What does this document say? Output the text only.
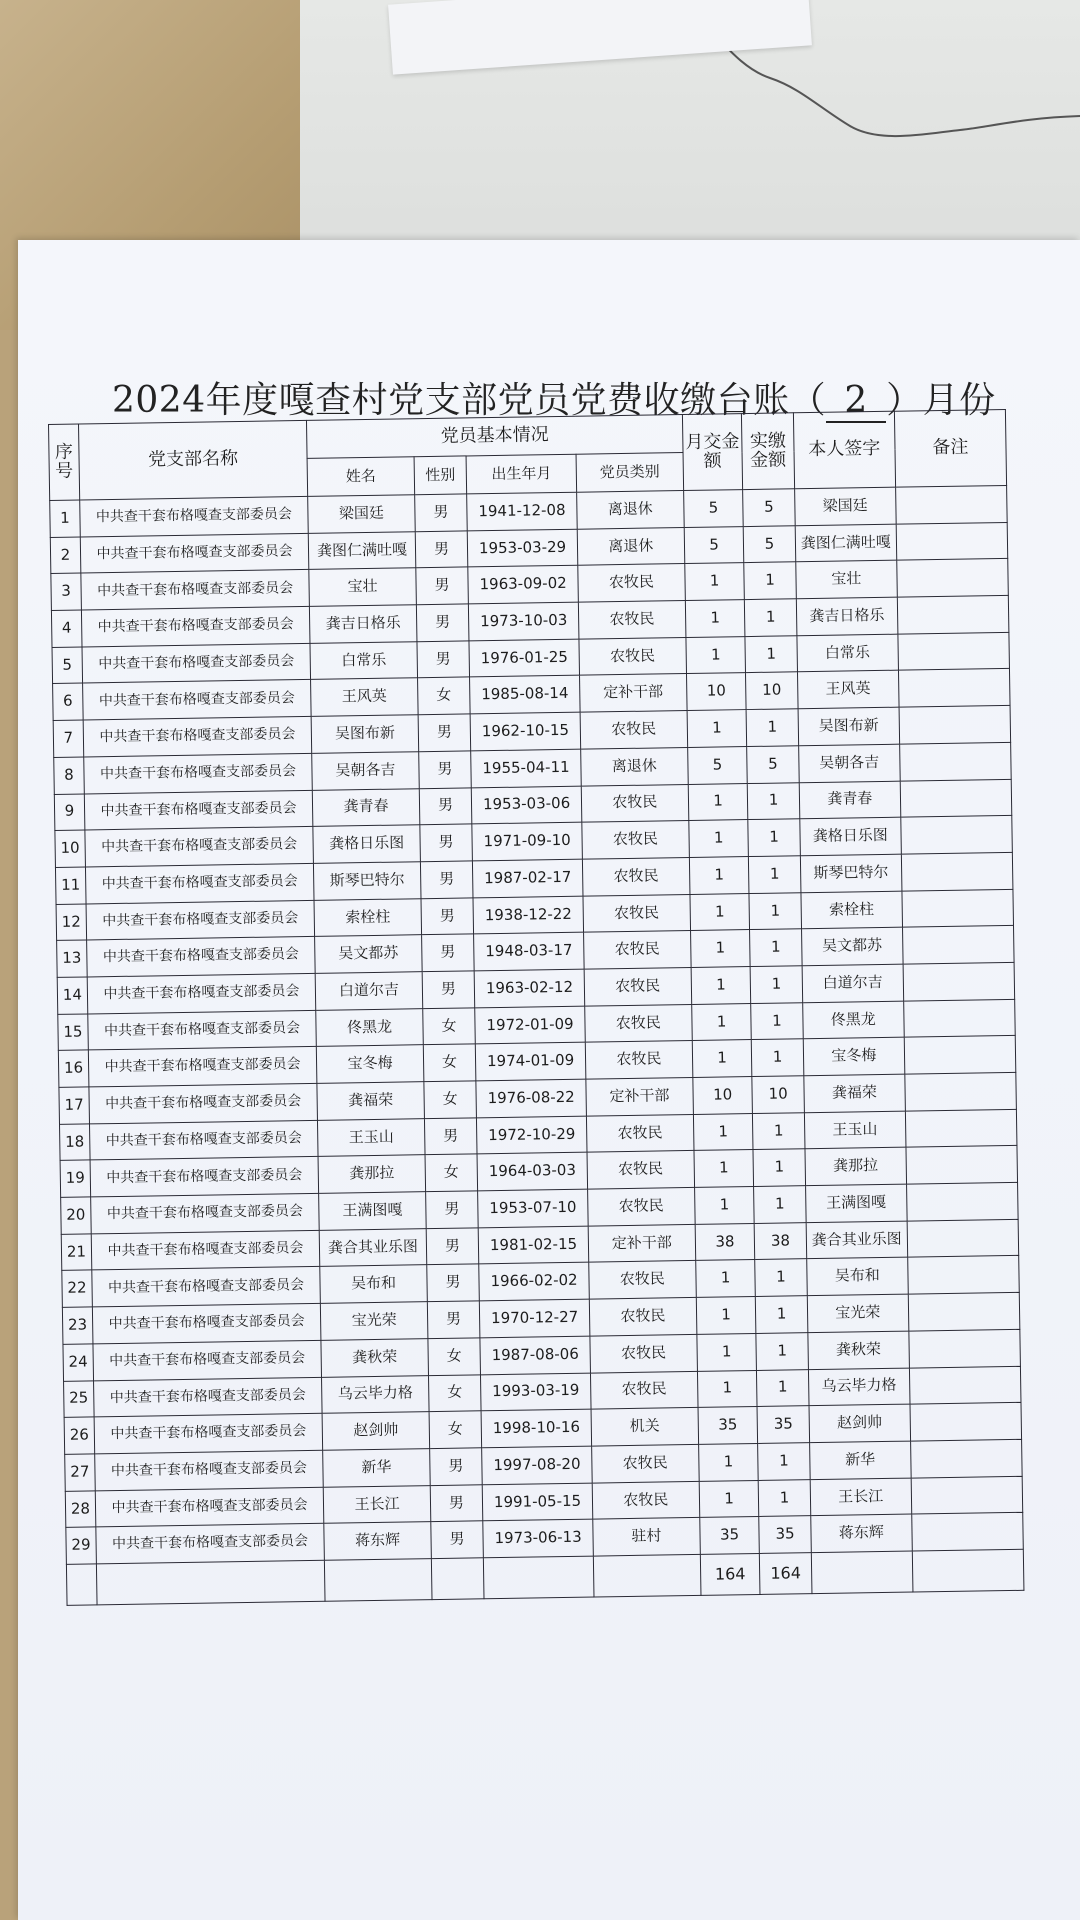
2024年度嘎查村党支部党员党费收缴台账（ 2 ）月份
序号	党支部名称	党员基本情况				月交金额	实缴金额	本人签字	备注
		姓名	性别	出生年月	党员类别				
1	中共查干套布格嘎查支部委员会	梁国廷	男	1941-12-08	离退休	5	5	梁国廷	
2	中共查干套布格嘎查支部委员会	龚图仁满吐嘎	男	1953-03-29	离退休	5	5	龚图仁满吐嘎	
3	中共查干套布格嘎查支部委员会	宝壮	男	1963-09-02	农牧民	1	1	宝壮	
4	中共查干套布格嘎查支部委员会	龚吉日格乐	男	1973-10-03	农牧民	1	1	龚吉日格乐	
5	中共查干套布格嘎查支部委员会	白常乐	男	1976-01-25	农牧民	1	1	白常乐	
6	中共查干套布格嘎查支部委员会	王风英	女	1985-08-14	定补干部	10	10	王风英	
7	中共查干套布格嘎查支部委员会	吴图布新	男	1962-10-15	农牧民	1	1	吴图布新	
8	中共查干套布格嘎查支部委员会	吴朝各吉	男	1955-04-11	离退休	5	5	吴朝各吉	
9	中共查干套布格嘎查支部委员会	龚青春	男	1953-03-06	农牧民	1	1	龚青春	
10	中共查干套布格嘎查支部委员会	龚格日乐图	男	1971-09-10	农牧民	1	1	龚格日乐图	
11	中共查干套布格嘎查支部委员会	斯琴巴特尔	男	1987-02-17	农牧民	1	1	斯琴巴特尔	
12	中共查干套布格嘎查支部委员会	索栓柱	男	1938-12-22	农牧民	1	1	索栓柱	
13	中共查干套布格嘎查支部委员会	吴文都苏	男	1948-03-17	农牧民	1	1	吴文都苏	
14	中共查干套布格嘎查支部委员会	白道尔吉	男	1963-02-12	农牧民	1	1	白道尔吉	
15	中共查干套布格嘎查支部委员会	佟黑龙	女	1972-01-09	农牧民	1	1	佟黑龙	
16	中共查干套布格嘎查支部委员会	宝冬梅	女	1974-01-09	农牧民	1	1	宝冬梅	
17	中共查干套布格嘎查支部委员会	龚福荣	女	1976-08-22	定补干部	10	10	龚福荣	
18	中共查干套布格嘎查支部委员会	王玉山	男	1972-10-29	农牧民	1	1	王玉山	
19	中共查干套布格嘎查支部委员会	龚那拉	女	1964-03-03	农牧民	1	1	龚那拉	
20	中共查干套布格嘎查支部委员会	王满图嘎	男	1953-07-10	农牧民	1	1	王满图嘎	
21	中共查干套布格嘎查支部委员会	龚合其业乐图	男	1981-02-15	定补干部	38	38	龚合其业乐图	
22	中共查干套布格嘎查支部委员会	吴布和	男	1966-02-02	农牧民	1	1	吴布和	
23	中共查干套布格嘎查支部委员会	宝光荣	男	1970-12-27	农牧民	1	1	宝光荣	
24	中共查干套布格嘎查支部委员会	龚秋荣	女	1987-08-06	农牧民	1	1	龚秋荣	
25	中共查干套布格嘎查支部委员会	乌云毕力格	女	1993-03-19	农牧民	1	1	乌云毕力格	
26	中共查干套布格嘎查支部委员会	赵剑帅	女	1998-10-16	机关	35	35	赵剑帅	
27	中共查干套布格嘎查支部委员会	新华	男	1997-08-20	农牧民	1	1	新华	
28	中共查干套布格嘎查支部委员会	王长江	男	1991-05-15	农牧民	1	1	王长江	
29	中共查干套布格嘎查支部委员会	蒋东辉	男	1973-06-13	驻村	35	35	蒋东辉	
						164	164		
